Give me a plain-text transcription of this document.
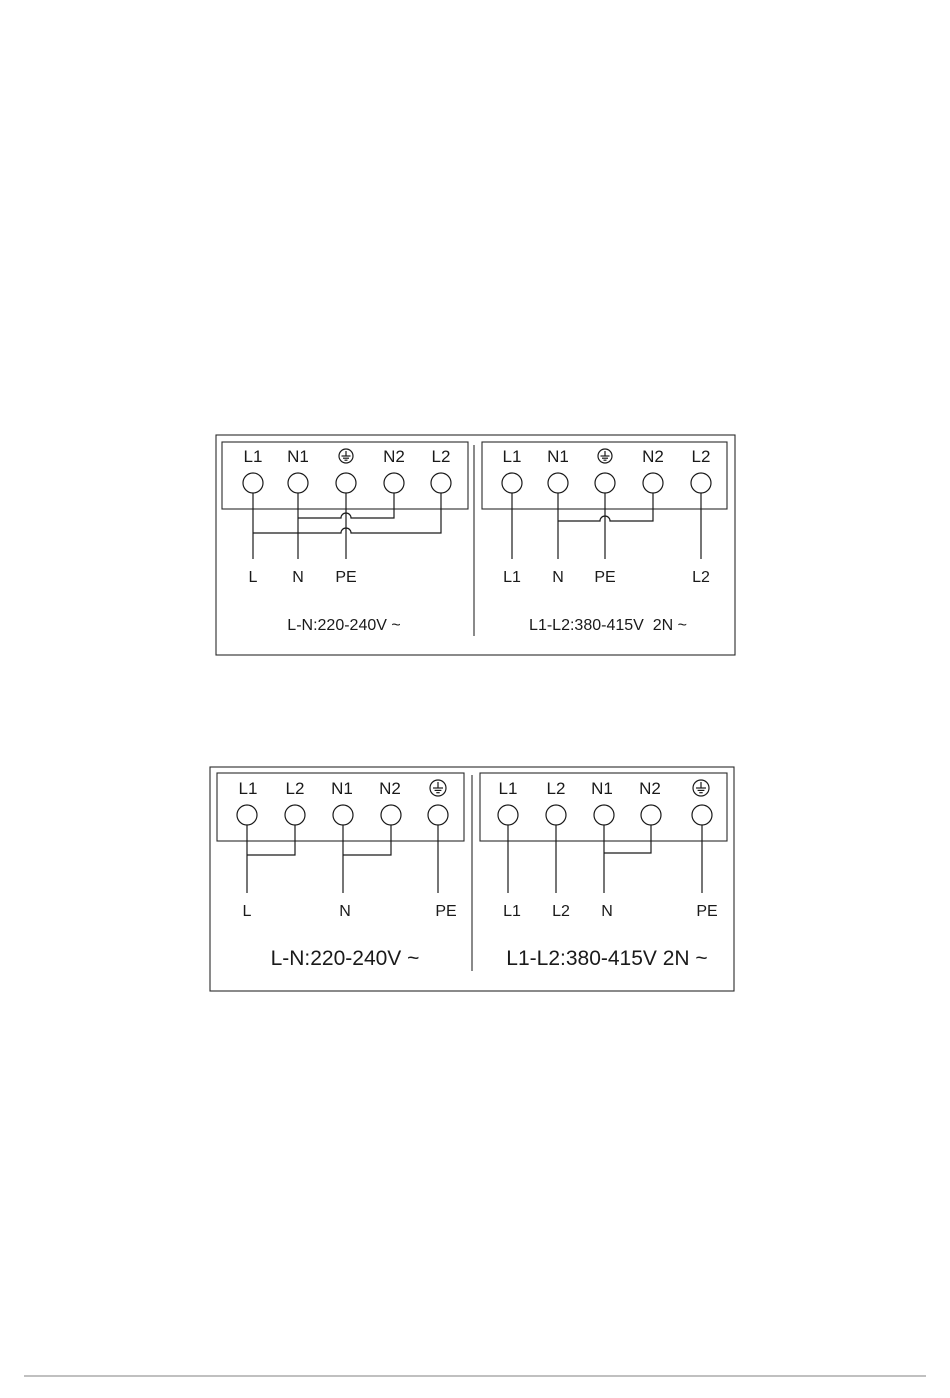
L1 N1	N2 L2
L N PE
L-N:220-240V ~
L1 N1	N2 L2
L1 N PE	L2
L1-L2:380-415V  2N ~
L1 L2 N1 N2
L	N	PE
L-N:220-240V ~
L1 L2 N1 N2
L1 L2 N	PE
L1-L2:380-415V 2N ~
